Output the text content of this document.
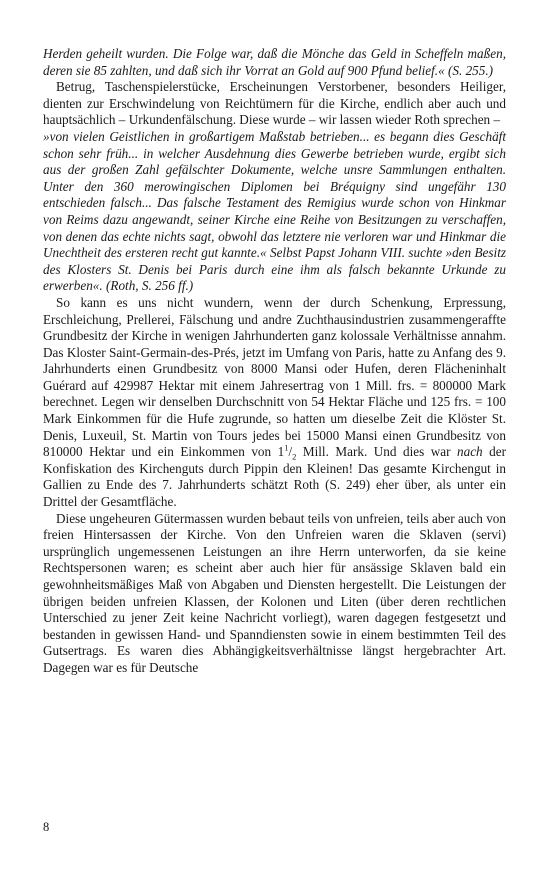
Herden geheilt wurden. Die Folge war, daß die Mönche das Geld in Scheffeln maßen, deren sie 85 zahlten, und daß sich ihr Vorrat an Gold auf 900 Pfund belief.« (S. 255.)

Betrug, Taschenspielerstücke, Erscheinungen Verstorbener, besonders Heiliger, dienten zur Erschwindelung von Reichtümern für die Kirche, endlich aber auch und hauptsächlich – Urkundenfälschung. Diese wurde – wir lassen wieder Roth sprechen –

»von vielen Geistlichen in großartigem Maßstab betrieben... es begann dies Geschäft schon sehr früh... in welcher Ausdehnung dies Gewerbe betrieben wurde, ergibt sich aus der großen Zahl gefälschter Dokumente, welche unsre Sammlungen enthalten. Unter den 360 merowingischen Diplomen bei Bréquigny sind ungefähr 130 entschieden falsch... Das falsche Testament des Remigius wurde schon von Hinkmar von Reims dazu angewandt, seiner Kirche eine Reihe von Besitzungen zu verschaffen, von denen das echte nichts sagt, obwohl das letztere nie verloren war und Hinkmar die Unechtheit des ersteren recht gut kannte.« Selbst Papst Johann VIII. suchte »den Besitz des Klosters St. Denis bei Paris durch eine ihm als falsch bekannte Urkunde zu erwerben«. (Roth, S. 256 ff.)

So kann es uns nicht wundern, wenn der durch Schenkung, Erpressung, Erschleichung, Prellerei, Fälschung und andre Zuchthausindustrien zusammengeraffte Grundbesitz der Kirche in wenigen Jahrhunderten ganz kolossale Verhältnisse annahm. Das Kloster Saint-Germain-des-Prés, jetzt im Umfang von Paris, hatte zu Anfang des 9. Jahrhunderts einen Grundbesitz von 8000 Mansi oder Hufen, deren Flächeninhalt Guérard auf 429987 Hektar mit einem Jahresertrag von 1 Mill. frs. = 800000 Mark berechnet. Legen wir denselben Durchschnitt von 54 Hektar Fläche und 125 frs. = 100 Mark Einkommen für die Hufe zugrunde, so hatten um dieselbe Zeit die Klöster St. Denis, Luxeuil, St. Martin von Tours jedes bei 15000 Mansi einen Grundbesitz von 810000 Hektar und ein Einkommen von $1^1/_2$ Mill. Mark. Und dies war nach der Konfiskation des Kirchenguts durch Pippin den Kleinen! Das gesamte Kirchengut in Gallien zu Ende des 7. Jahrhunderts schätzt Roth (S. 249) eher über, als unter ein Drittel der Gesamtfläche.

Diese ungeheuren Gütermassen wurden bebaut teils von unfreien, teils aber auch von freien Hintersassen der Kirche. Von den Unfreien waren die Sklaven (servi) ursprünglich ungemessenen Leistungen an ihre Herrn unterworfen, da sie keine Rechtspersonen waren; es scheint aber auch hier für ansässige Sklaven bald ein gewohnheitsmäßiges Maß von Abgaben und Diensten hergestellt. Die Leistungen der übrigen beiden unfreien Klassen, der Kolonen und Liten (über deren rechtlichen Unterschied zu jener Zeit keine Nachricht vorliegt), waren dagegen festgesetzt und bestanden in gewissen Hand- und Spanndiensten sowie in einem bestimmten Teil des Gutsertrags. Es waren dies Abhängigkeitsverhältnisse längst hergebrachter Art. Dagegen war es für Deutsche

8
